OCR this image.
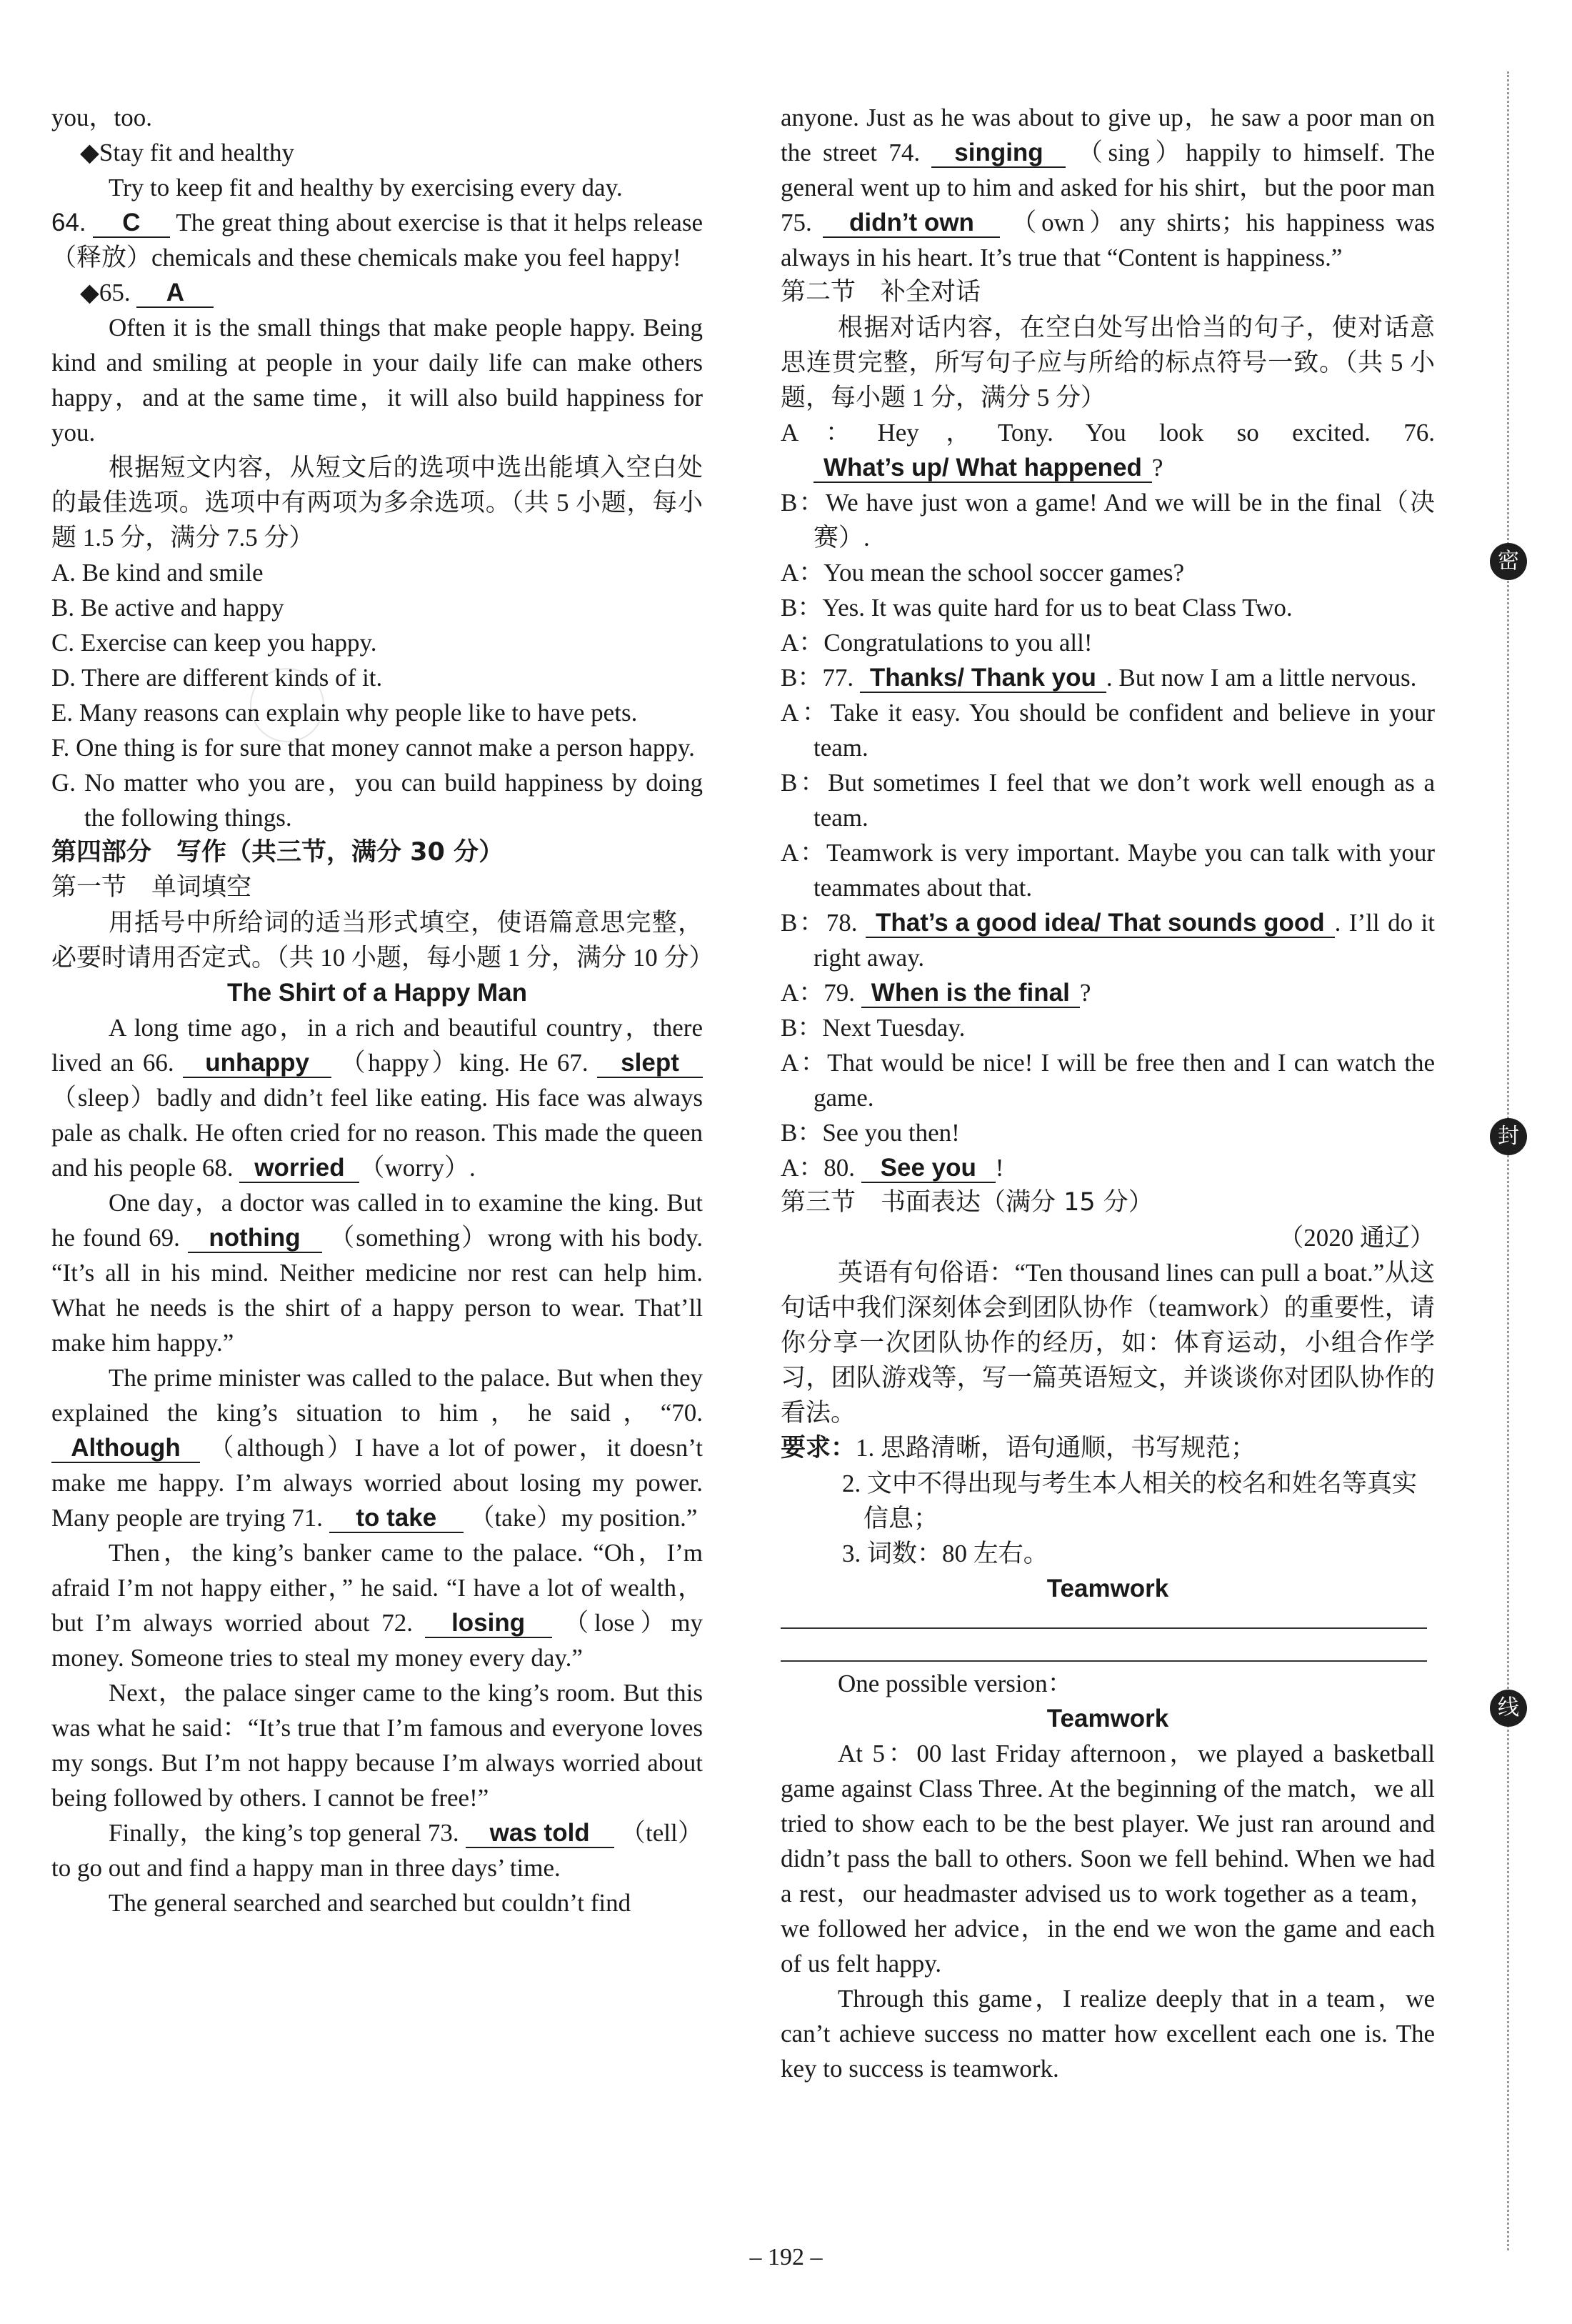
密
封
线

you，too.

◆Stay fit and healthy

Try to keep fit and healthy by exercising every day.

64. C The great thing about exercise is that it helps release（释放）chemicals and these chemicals make you feel happy!

◆65. A

Often it is the small things that make people happy. Being kind and smiling at people in your daily life can make others happy，and at the same time，it will also build happiness for you.

根据短文内容，从短文后的选项中选出能填入空白处的最佳选项。选项中有两项为多余选项。（共 5 小题，每小题 1.5 分，满分 7.5 分）

A. Be kind and smile

B. Be active and happy

C. Exercise can keep you happy.

D. There are different kinds of it.

E. Many reasons can explain why people like to have pets.

F. One thing is for sure that money cannot make a person happy.

G. No matter who you are，you can build happiness by doing the following things.

第四部分　写作（共三节，满分 30 分）

第一节　单词填空

用括号中所给词的适当形式填空，使语篇意思完整，必要时请用否定式。（共 10 小题，每小题 1 分，满分 10 分）

The Shirt of a Happy Man

A long time ago，in a rich and beautiful country，there lived an 66. unhappy （happy）king. He 67. slept （sleep）badly and didn’t feel like eating. His face was always pale as chalk. He often cried for no reason. This made the queen and his people 68. worried （worry）.

One day，a doctor was called in to examine the king. But he found 69. nothing （something）wrong with his body. “It’s all in his mind. Neither medicine nor rest can help him. What he needs is the shirt of a happy person to wear. That’ll make him happy.”

The prime minister was called to the palace. But when they explained the king’s situation to him，he said，“70. Although （although）I have a lot of power，it doesn’t make me happy. I’m always worried about losing my power. Many people are trying 71. to take （take）my position.”

Then，the king’s banker came to the palace. “Oh，I’m afraid I’m not happy either，” he said. “I have a lot of wealth，but I’m always worried about 72. losing （lose）my money. Someone tries to steal my money every day.”

Next，the palace singer came to the king’s room. But this was what he said：“It’s true that I’m famous and everyone loves my songs. But I’m not happy because I’m always worried about being followed by others. I cannot be free!”

Finally，the king’s top general 73. was told （tell）to go out and find a happy man in three days’ time.

The general searched and searched but couldn’t find

anyone. Just as he was about to give up，he saw a poor man on the street 74. singing （sing）happily to himself. The general went up to him and asked for his shirt，but the poor man 75. didn’t own （own）any shirts；his happiness was always in his heart. It’s true that “Content is happiness.”

第二节　补全对话

根据对话内容，在空白处写出恰当的句子，使对话意思连贯完整，所写句子应与所给的标点符号一致。（共 5 小题，每小题 1 分，满分 5 分）

A：Hey，Tony. You look so excited. 76. What’s up/ What happened ?

B：We have just won a game! And we will be in the final（决赛）.

A：You mean the school soccer games?

B：Yes. It was quite hard for us to beat Class Two.

A：Congratulations to you all!

B：77. Thanks/ Thank you . But now I am a little nervous.

A：Take it easy. You should be confident and believe in your team.

B：But sometimes I feel that we don’t work well enough as a team.

A：Teamwork is very important. Maybe you can talk with your teammates about that.

B：78. That’s a good idea/ That sounds good . I’ll do it right away.

A：79. When is the final ?

B：Next Tuesday.

A：That would be nice! I will be free then and I can watch the game.

B：See you then!

A：80. See you !

第三节　书面表达（满分 15 分）

（2020 通辽）

英语有句俗语：“Ten thousand lines can pull a boat.”从这句话中我们深刻体会到团队协作（teamwork）的重要性，请你分享一次团队协作的经历，如：体育运动，小组合作学习，团队游戏等，写一篇英语短文，并谈谈你对团队协作的看法。

要求：1. 思路清晰，语句通顺，书写规范；

2. 文中不得出现与考生本人相关的校名和姓名等真实信息；

3. 词数：80 左右。

Teamwork

One possible version：

Teamwork

At 5：00 last Friday afternoon，we played a basketball game against Class Three. At the beginning of the match，we all tried to show each to be the best player. We just ran around and didn’t pass the ball to others. Soon we fell behind. When we had a rest，our headmaster advised us to work together as a team，we followed her advice，in the end we won the game and each of us felt happy.

Through this game，I realize deeply that in a team，we can’t achieve success no matter how excellent each one is. The key to success is teamwork.

– 192 –
